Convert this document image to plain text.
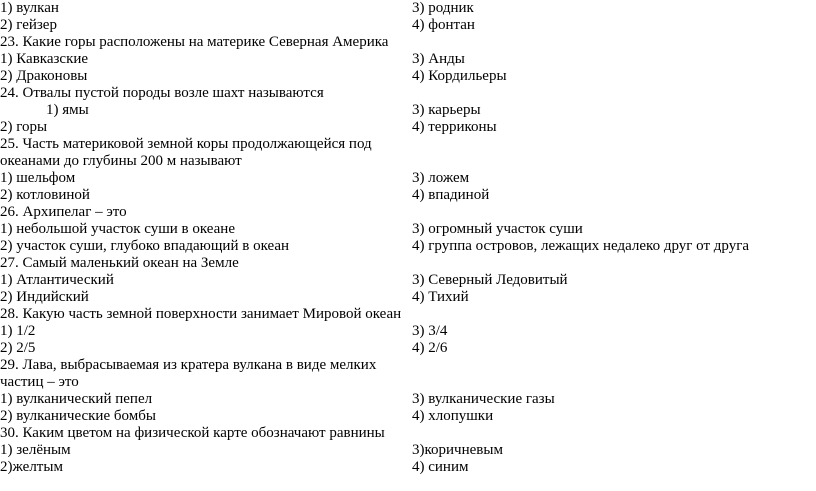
1) вулкан	3) родник
2) гейзер	4) фонтан
23. Какие горы расположены на материке Северная Америка
1) Кавказские	3) Анды
2) Драконовы	4) Кордильеры
24. Отвалы пустой породы возле шахт называются
1) ямы	3) карьеры
2) горы	4) терриконы
25. Часть материковой земной коры продолжающейся под
океанами до глубины 200 м называют
1) шельфом	3) ложем
2) котловиной	4) впадиной
26. Архипелаг – это
1) небольшой участок суши в океане	3) огромный участок суши
2) участок суши, глубоко впадающий в океан	4) группа островов, лежащих недалеко друг от друга
27. Самый маленький океан на Земле
1) Атлантический	3) Северный Ледовитый
2) Индийский	4) Тихий
28. Какую часть земной поверхности занимает Мировой океан
1) 1/2	3) 3/4
2) 2/5	4) 2/6
29. Лава, выбрасываемая из кратера вулкана в виде мелких
частиц – это
1) вулканический пепел	3) вулканические газы
2) вулканические бомбы	4) хлопушки
30. Каким цветом на физической карте обозначают равнины
1) зелёным	3)коричневым
2)желтым	4) синим
